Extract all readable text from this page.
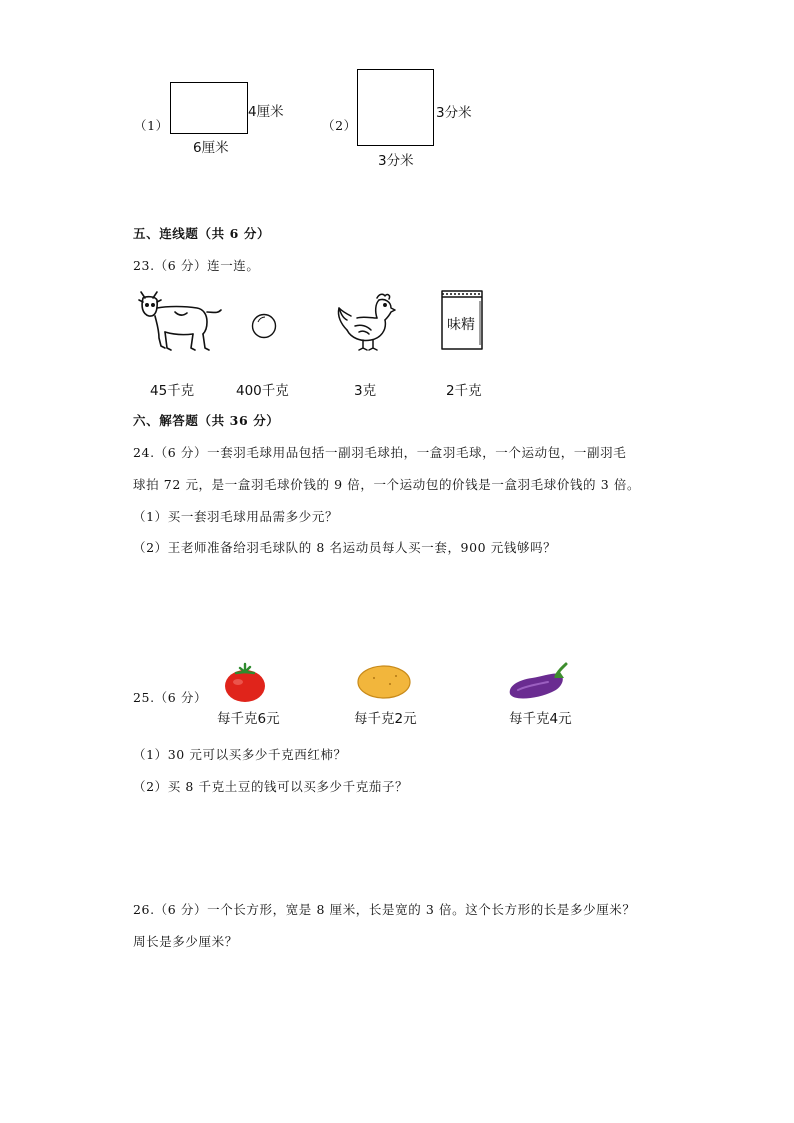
（1）
4厘米
6厘米
（2）
3分米
3分米
五、连线题（共 6 分）
23.（6 分）连一连。
味精
45千克	400千克	3克	2千克
六、解答题（共 36 分）
24.（6 分）一套羽毛球用品包括一副羽毛球拍，一盒羽毛球，一个运动包，一副羽毛
球拍 72 元，是一盒羽毛球价钱的 9 倍，一个运动包的价钱是一盒羽毛球价钱的 3 倍。
（1）买一套羽毛球用品需多少元？
（2）王老师准备给羽毛球队的 8 名运动员每人买一套，900 元钱够吗？
25.（6 分）
每千克6元	每千克2元	每千克4元
（1）30 元可以买多少千克西红柿？
（2）买 8 千克土豆的钱可以买多少千克茄子？
26.（6 分）一个长方形，宽是 8 厘米，长是宽的 3 倍。这个长方形的长是多少厘米？
周长是多少厘米？
